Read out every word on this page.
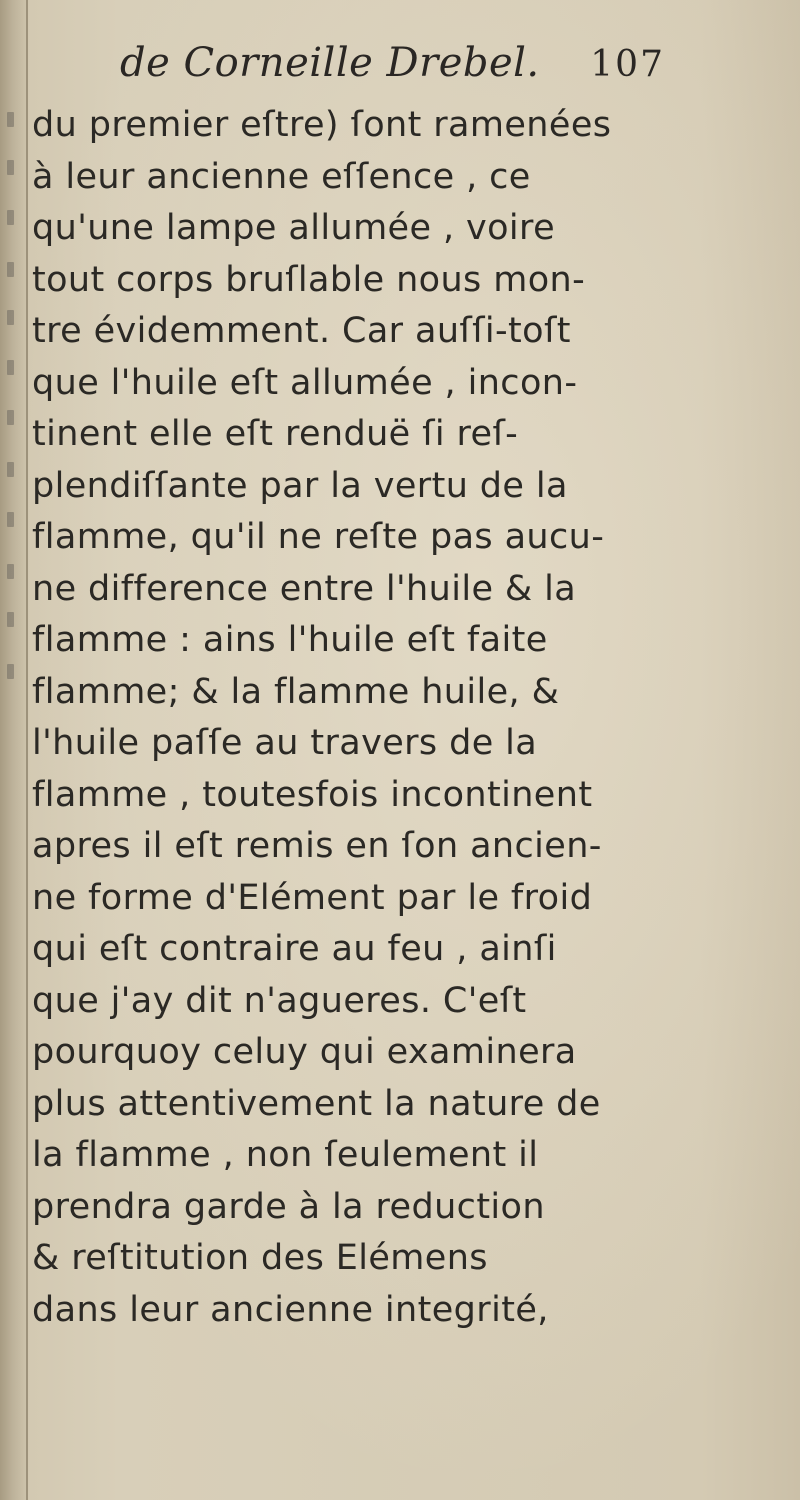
de Corneille Drebel. 107
du premier eſtre) ſont ramenées
à leur ancienne eſſence , ce
qu'une lampe allumée , voire
tout corps bruſlable nous mon-
tre évidemment. Car auſſi-toſt
que l'huile eſt allumée , incon-
tinent elle eſt renduë ſi reſ-
plendiſſante par la vertu de la
flamme, qu'il ne reſte pas aucu-
ne difference entre l'huile & la
flamme : ains l'huile eſt faite
flamme; & la flamme huile, &
l'huile paſſe au travers de la
flamme , toutesfois incontinent
apres il eſt remis en ſon ancien-
ne forme d'Elément par le froid
qui eſt contraire au feu , ainſi
que j'ay dit n'agueres. C'eſt
pourquoy celuy qui examinera
plus attentivement la nature de
la flamme , non ſeulement il
prendra garde à la reduction
& reſtitution des Elémens
dans leur ancienne integrité,
